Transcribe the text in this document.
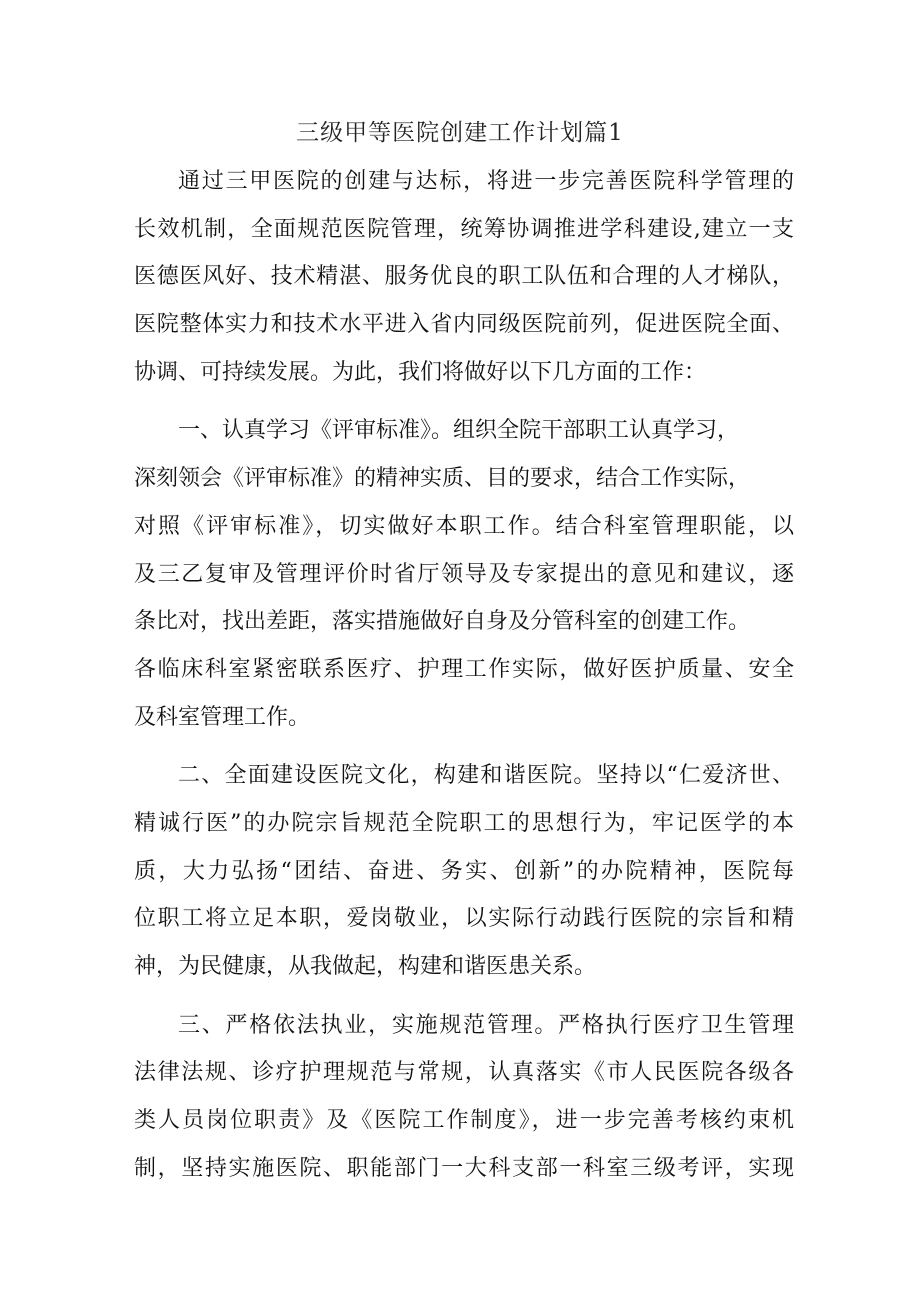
三级甲等医院创建工作计划篇1
通过三甲医院的创建与达标，将进一步完善医院科学管理的
长效机制，全面规范医院管理，统筹协调推进学科建设,建立一支
医德医风好、技术精湛、服务优良的职工队伍和合理的人才梯队，
医院整体实力和技术水平进入省内同级医院前列，促进医院全面、
协调、可持续发展。为此，我们将做好以下几方面的工作：
一、认真学习《评审标准》。组织全院干部职工认真学习，
深刻领会《评审标准》的精神实质、目的要求，结合工作实际，
对照《评审标准》，切实做好本职工作。结合科室管理职能，以
及三乙复审及管理评价时省厅领导及专家提出的意见和建议，逐
条比对，找出差距，落实措施做好自身及分管科室的创建工作。
各临床科室紧密联系医疗、护理工作实际，做好医护质量、安全
及科室管理工作。
二、全面建设医院文化，构建和谐医院。坚持以“仁爱济世、
精诚行医”的办院宗旨规范全院职工的思想行为，牢记医学的本
质，大力弘扬“团结、奋进、务实、创新”的办院精神，医院每
位职工将立足本职，爱岗敬业，以实际行动践行医院的宗旨和精
神，为民健康，从我做起，构建和谐医患关系。
三、严格依法执业，实施规范管理。严格执行医疗卫生管理
法律法规、诊疗护理规范与常规，认真落实《市人民医院各级各
类人员岗位职责》及《医院工作制度》，进一步完善考核约束机
制，坚持实施医院、职能部门一大科支部一科室三级考评，实现
